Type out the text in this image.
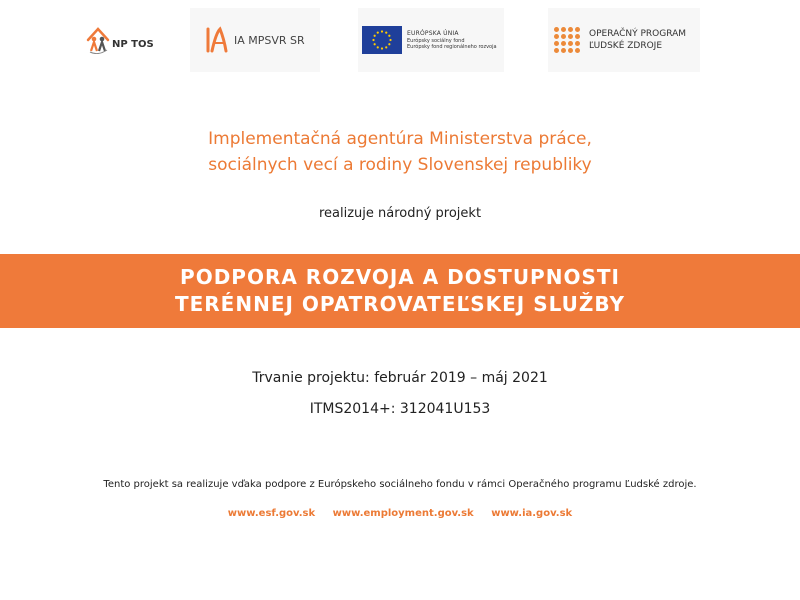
NP TOS	IA MPSVR SR	EURÓPSKA ÚNIA
Európsky sociálny fond
Európsky fond regionálneho rozvoja
OPERAČNÝ PROGRAM
ĽUDSKÉ ZDROJE
Implementačná agentúra Ministerstva práce,
sociálnych vecí a rodiny Slovenskej republiky
realizuje národný projekt
PODPORA ROZVOJA A DOSTUPNOSTI
TERÉNNEJ OPATROVATEĽSKEJ SLUŽBY
Trvanie projektu: február 2019 – máj 2021
ITMS2014+: 312041U153
Tento projekt sa realizuje vďaka podpore z Európskeho sociálneho fondu v rámci Operačného programu Ľudské zdroje.
www.esf.gov.sk www.employment.gov.sk www.ia.gov.sk
